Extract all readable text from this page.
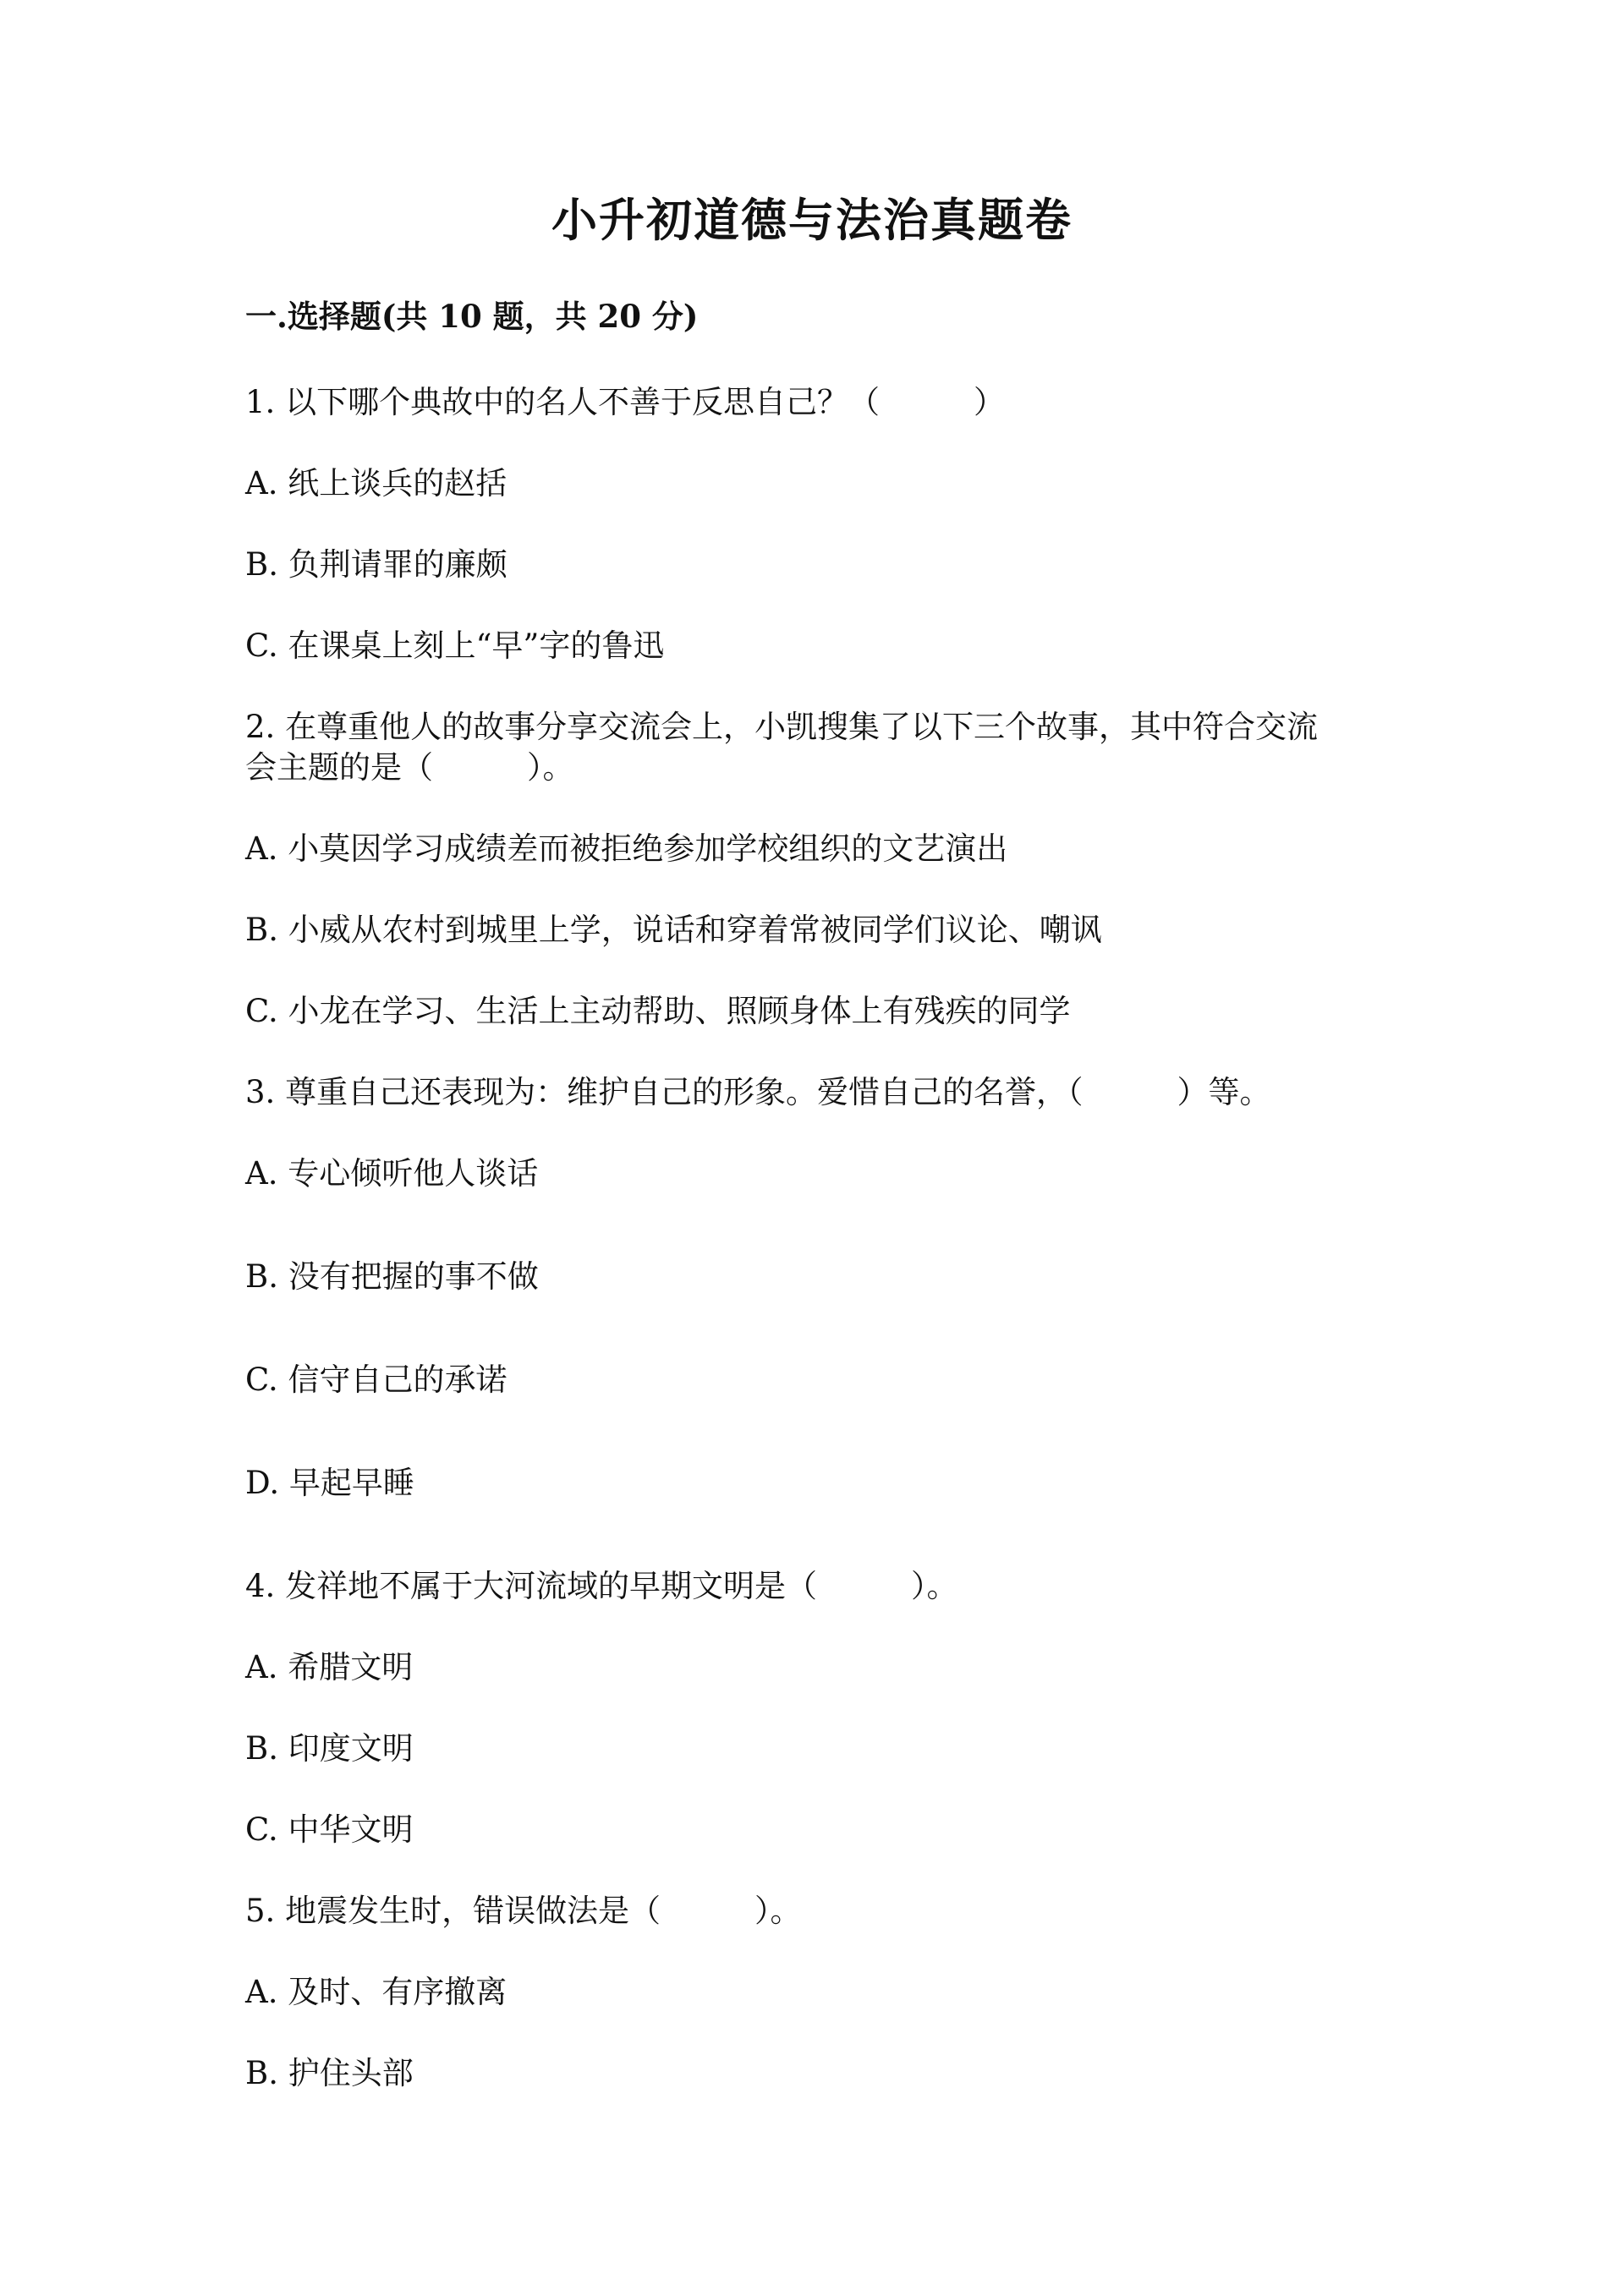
小升初道德与法治真题卷
一.选择题(共 10 题，共 20 分)
1. 以下哪个典故中的名人不善于反思自己？（　　　）
A. 纸上谈兵的赵括
B. 负荆请罪的廉颇
C. 在课桌上刻上“早”字的鲁迅
2. 在尊重他人的故事分享交流会上，小凯搜集了以下三个故事，其中符合交流
会主题的是（　　　）。
A. 小莫因学习成绩差而被拒绝参加学校组织的文艺演出
B. 小威从农村到城里上学，说话和穿着常被同学们议论、嘲讽
C. 小龙在学习、生活上主动帮助、照顾身体上有残疾的同学
3. 尊重自己还表现为：维护自己的形象。爱惜自己的名誉，（　　　）等。
A. 专心倾听他人谈话
B. 没有把握的事不做
C. 信守自己的承诺
D. 早起早睡
4. 发祥地不属于大河流域的早期文明是（　　　）。
A. 希腊文明
B. 印度文明
C. 中华文明
5. 地震发生时，错误做法是（　　　）。
A. 及时、有序撤离
B. 护住头部
